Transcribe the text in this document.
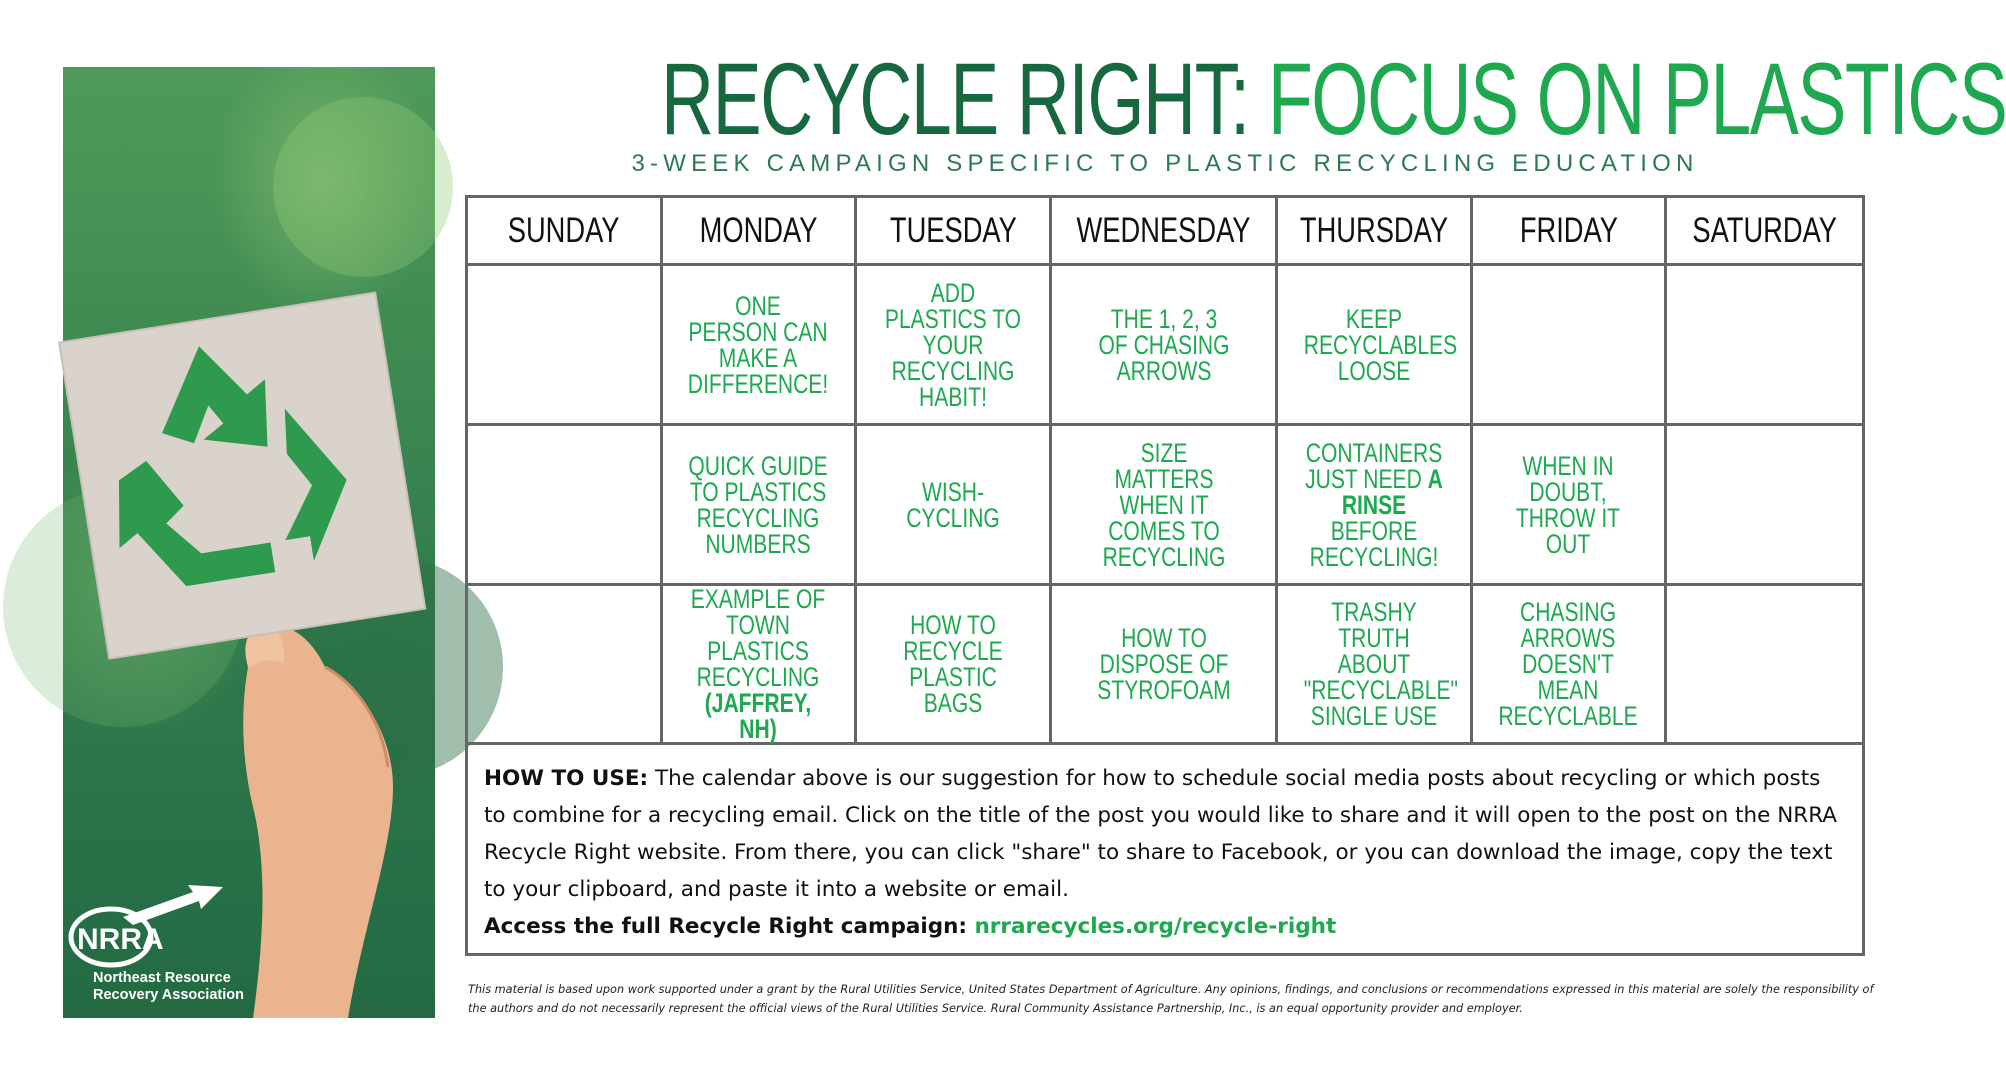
NRRA
Northeast Resource
Recovery Association
RECYCLE RIGHT: FOCUS ON PLASTICS
3-WEEK CAMPAIGN SPECIFIC TO PLASTIC RECYCLING EDUCATION
SUNDAY MONDAY TUESDAY WEDNESDAY THURSDAY FRIDAY SATURDAY
ONE PERSON CAN MAKE A DIFFERENCE!
ADD PLASTICS TO YOUR RECYCLING HABIT!
THE 1, 2, 3 OF CHASING ARROWS
KEEP RECYCLABLES LOOSE
QUICK GUIDE TO PLASTICS RECYCLING NUMBERS
WISH-CYCLING
SIZE MATTERS WHEN IT COMES TO RECYCLING
CONTAINERS JUST NEED A RINSE BEFORE RECYCLING!
WHEN IN DOUBT, THROW IT OUT
EXAMPLE OF TOWN PLASTICS RECYCLING (JAFFREY, NH)
HOW TO RECYCLE PLASTIC BAGS
HOW TO DISPOSE OF STYROFOAM
TRASHY TRUTH ABOUT "RECYCLABLE" SINGLE USE
CHASING ARROWS DOESN'T MEAN RECYCLABLE
HOW TO USE: The calendar above is our suggestion for how to schedule social media posts about recycling or which posts to combine for a recycling email. Click on the title of the post you would like to share and it will open to the post on the NRRA Recycle Right website. From there, you can click "share" to share to Facebook, or you can download the image, copy the text to your clipboard, and paste it into a website or email.
Access the full Recycle Right campaign: nrrarecycles.org/recycle-right
This material is based upon work supported under a grant by the Rural Utilities Service, United States Department of Agriculture. Any opinions, findings, and conclusions or recommendations expressed in this material are solely the responsibility of the authors and do not necessarily represent the official views of the Rural Utilities Service. Rural Community Assistance Partnership, Inc., is an equal opportunity provider and employer.
